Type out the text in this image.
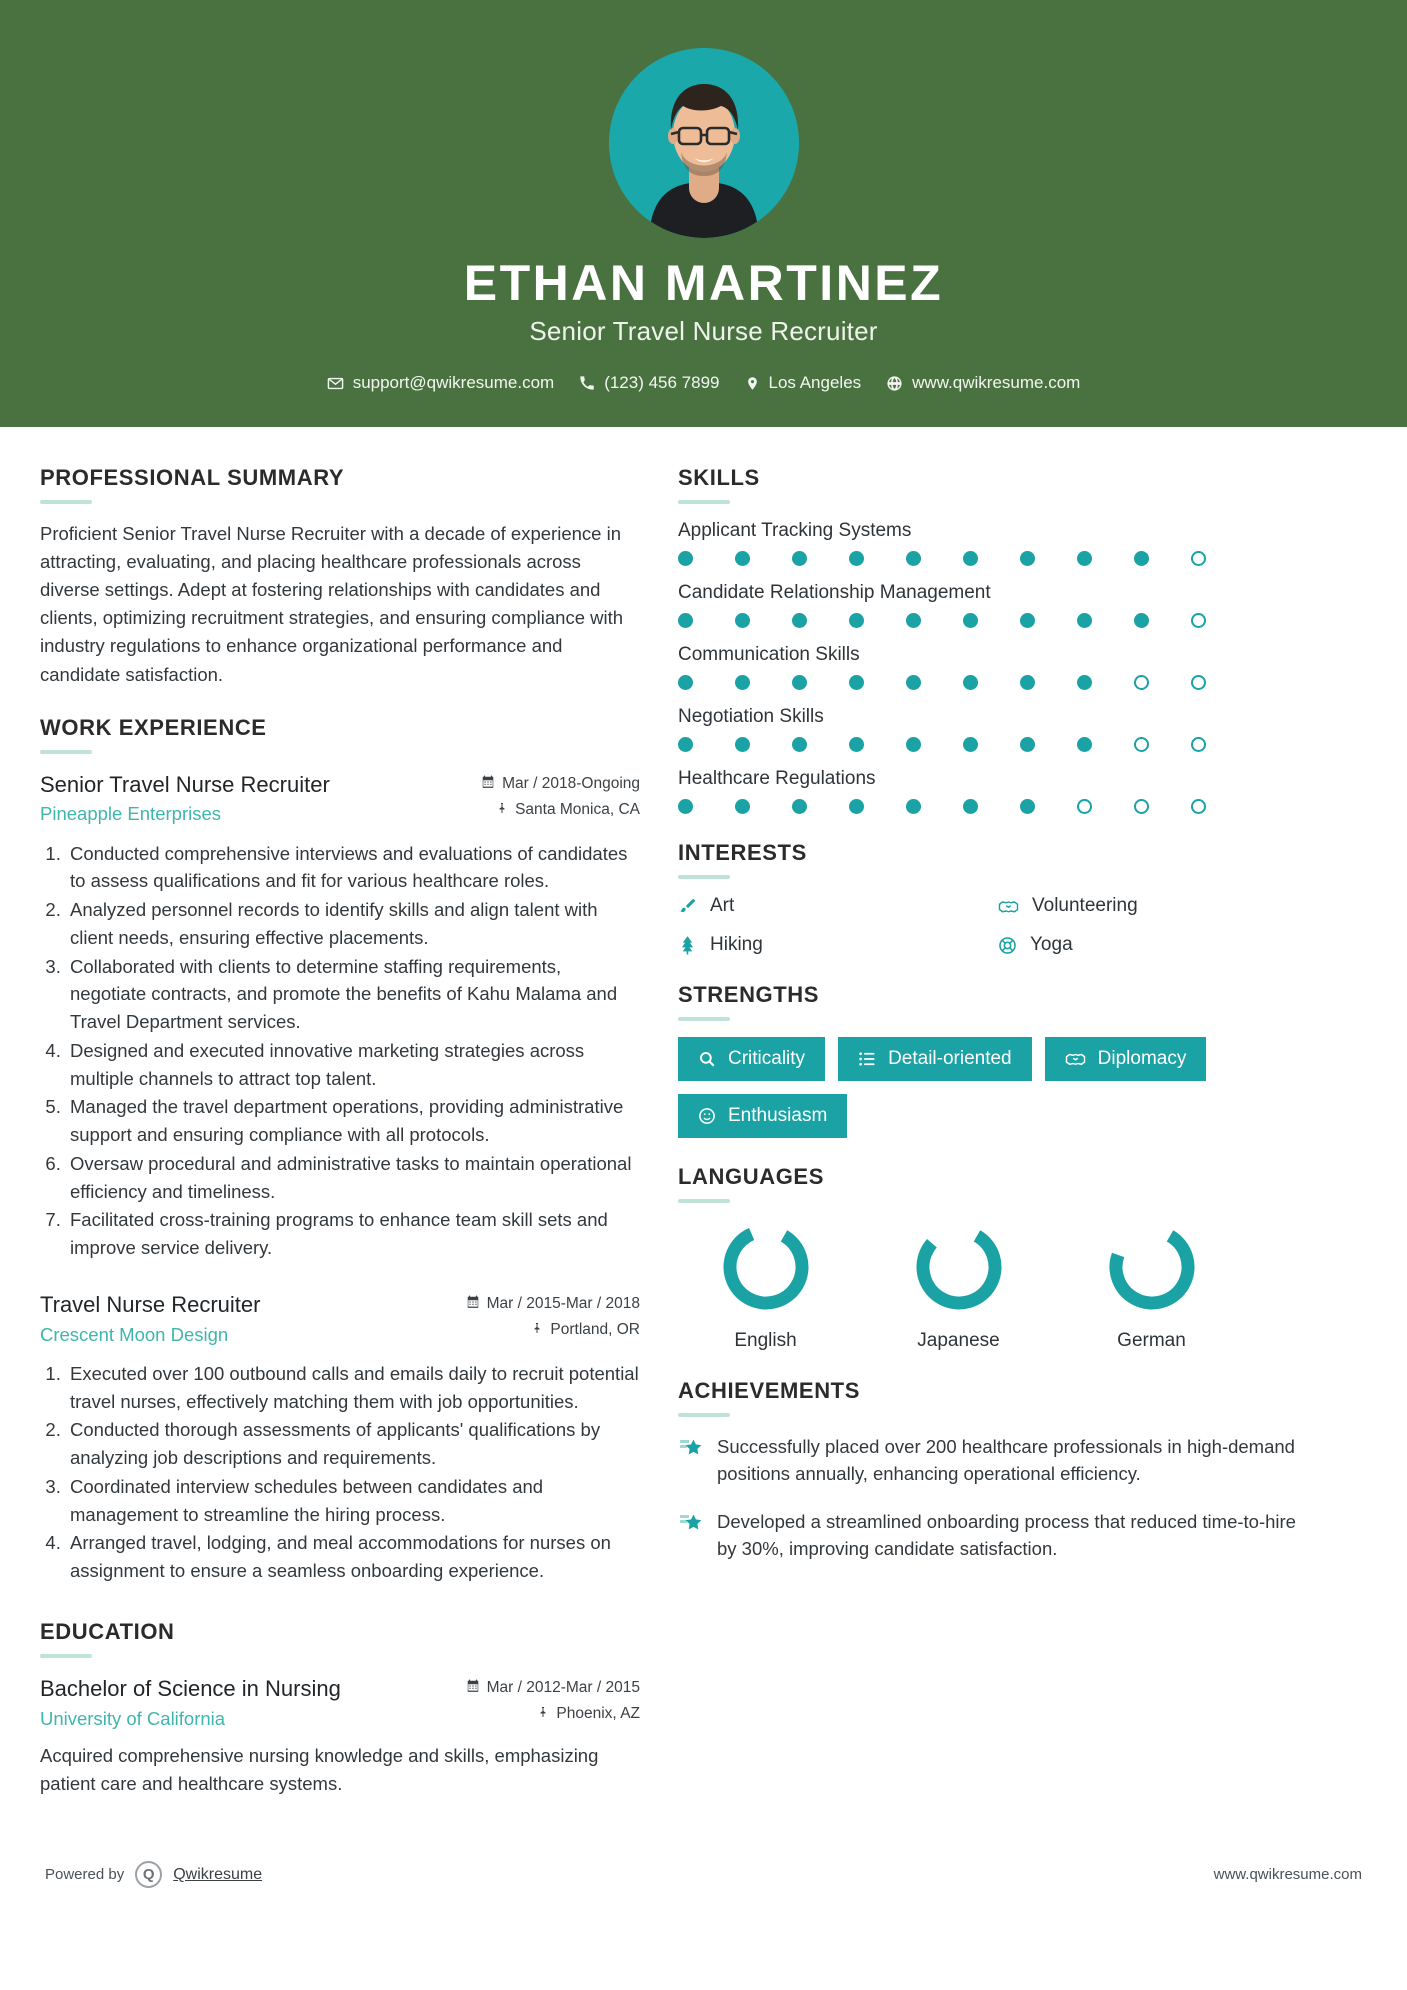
ETHAN MARTINEZ
Senior Travel Nurse Recruiter
support@qwikresume.com	(123) 456 7899	Los Angeles	www.qwikresume.com
PROFESSIONAL SUMMARY

Proficient Senior Travel Nurse Recruiter with a decade of experience in attracting, evaluating, and placing healthcare professionals across diverse settings. Adept at fostering relationships with candidates and clients, optimizing recruitment strategies, and ensuring compliance with industry regulations to enhance organizational performance and candidate satisfaction.

WORK EXPERIENCE
Senior Travel Nurse Recruiter
Pineapple Enterprises
Mar / 2018-Ongoing
Santa Monica, CA
1. Conducted comprehensive interviews and evaluations of candidates to assess qualifications and fit for various healthcare roles.
2. Analyzed personnel records to identify skills and align talent with client needs, ensuring effective placements.
3. Collaborated with clients to determine staffing requirements, negotiate contracts, and promote the benefits of Kahu Malama and Travel Department services.
4. Designed and executed innovative marketing strategies across multiple channels to attract top talent.
5. Managed the travel department operations, providing administrative support and ensuring compliance with all protocols.
6. Oversaw procedural and administrative tasks to maintain operational efficiency and timeliness.
7. Facilitated cross-training programs to enhance team skill sets and improve service delivery.
Travel Nurse Recruiter
Crescent Moon Design
Mar / 2015-Mar / 2018
Portland, OR
1. Executed over 100 outbound calls and emails daily to recruit potential travel nurses, effectively matching them with job opportunities.
2. Conducted thorough assessments of applicants' qualifications by analyzing job descriptions and requirements.
3. Coordinated interview schedules between candidates and management to streamline the hiring process.
4. Arranged travel, lodging, and meal accommodations for nurses on assignment to ensure a seamless onboarding experience.
EDUCATION
Bachelor of Science in Nursing
University of California
Mar / 2012-Mar / 2015
Phoenix, AZ
Acquired comprehensive nursing knowledge and skills, emphasizing patient care and healthcare systems.
SKILLS
Applicant Tracking Systems
Candidate Relationship Management
Communication Skills
Negotiation Skills
Healthcare Regulations
INTERESTS
Art	Volunteering
Hiking	Yoga
STRENGTHS
Criticality	Detail-oriented	Diplomacy
Enthusiasm
LANGUAGES
English	Japanese	German
ACHIEVEMENTS
Successfully placed over 200 healthcare professionals in high-demand positions annually, enhancing operational efficiency.
Developed a streamlined onboarding process that reduced time-to-hire by 30%, improving candidate satisfaction.
Powered by	Q	Qwikresume	www.qwikresume.com
